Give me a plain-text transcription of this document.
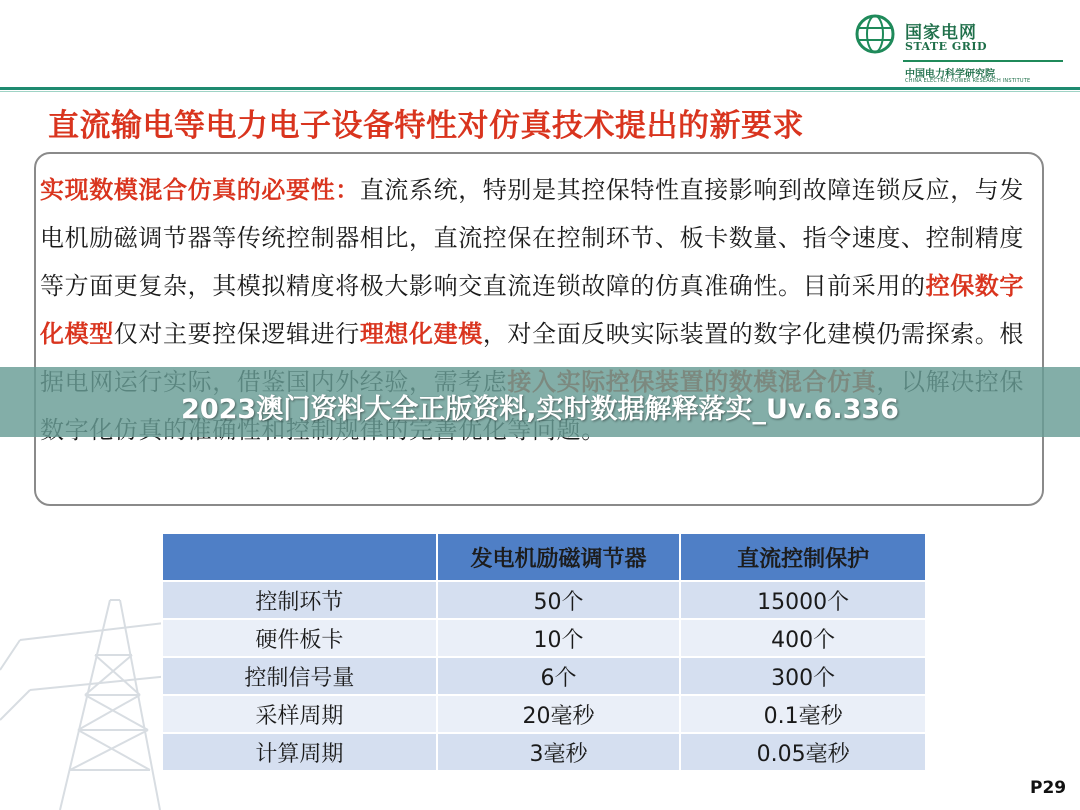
国家电网
STATE GRID
中国电力科学研究院
CHINA ELECTRIC POWER RESEARCH INSTITUTE
直流输电等电力电子设备特性对仿真技术提出的新要求
实现数模混合仿真的必要性：直流系统，特别是其控保特性直接影响到故障连锁反应，与发电机励磁调节器等传统控制器相比，直流控保在控制环节、板卡数量、指令速度、控制精度等方面更复杂，其模拟精度将极大影响交直流连锁故障的仿真准确性。目前采用的控保数字化模型仅对主要控保逻辑进行理想化建模，对全面反映实际装置的数字化建模仍需探索。根
	发电机励磁调节器	直流控制保护
控制环节	50个	15000个
硬件板卡	10个	400个
控制信号量	6个	300个
采样周期	20毫秒	0.1毫秒
计算周期	3毫秒	0.05毫秒
P29
2023澳门资料大全正版资料,实时数据解释落实_Uv.6.336
